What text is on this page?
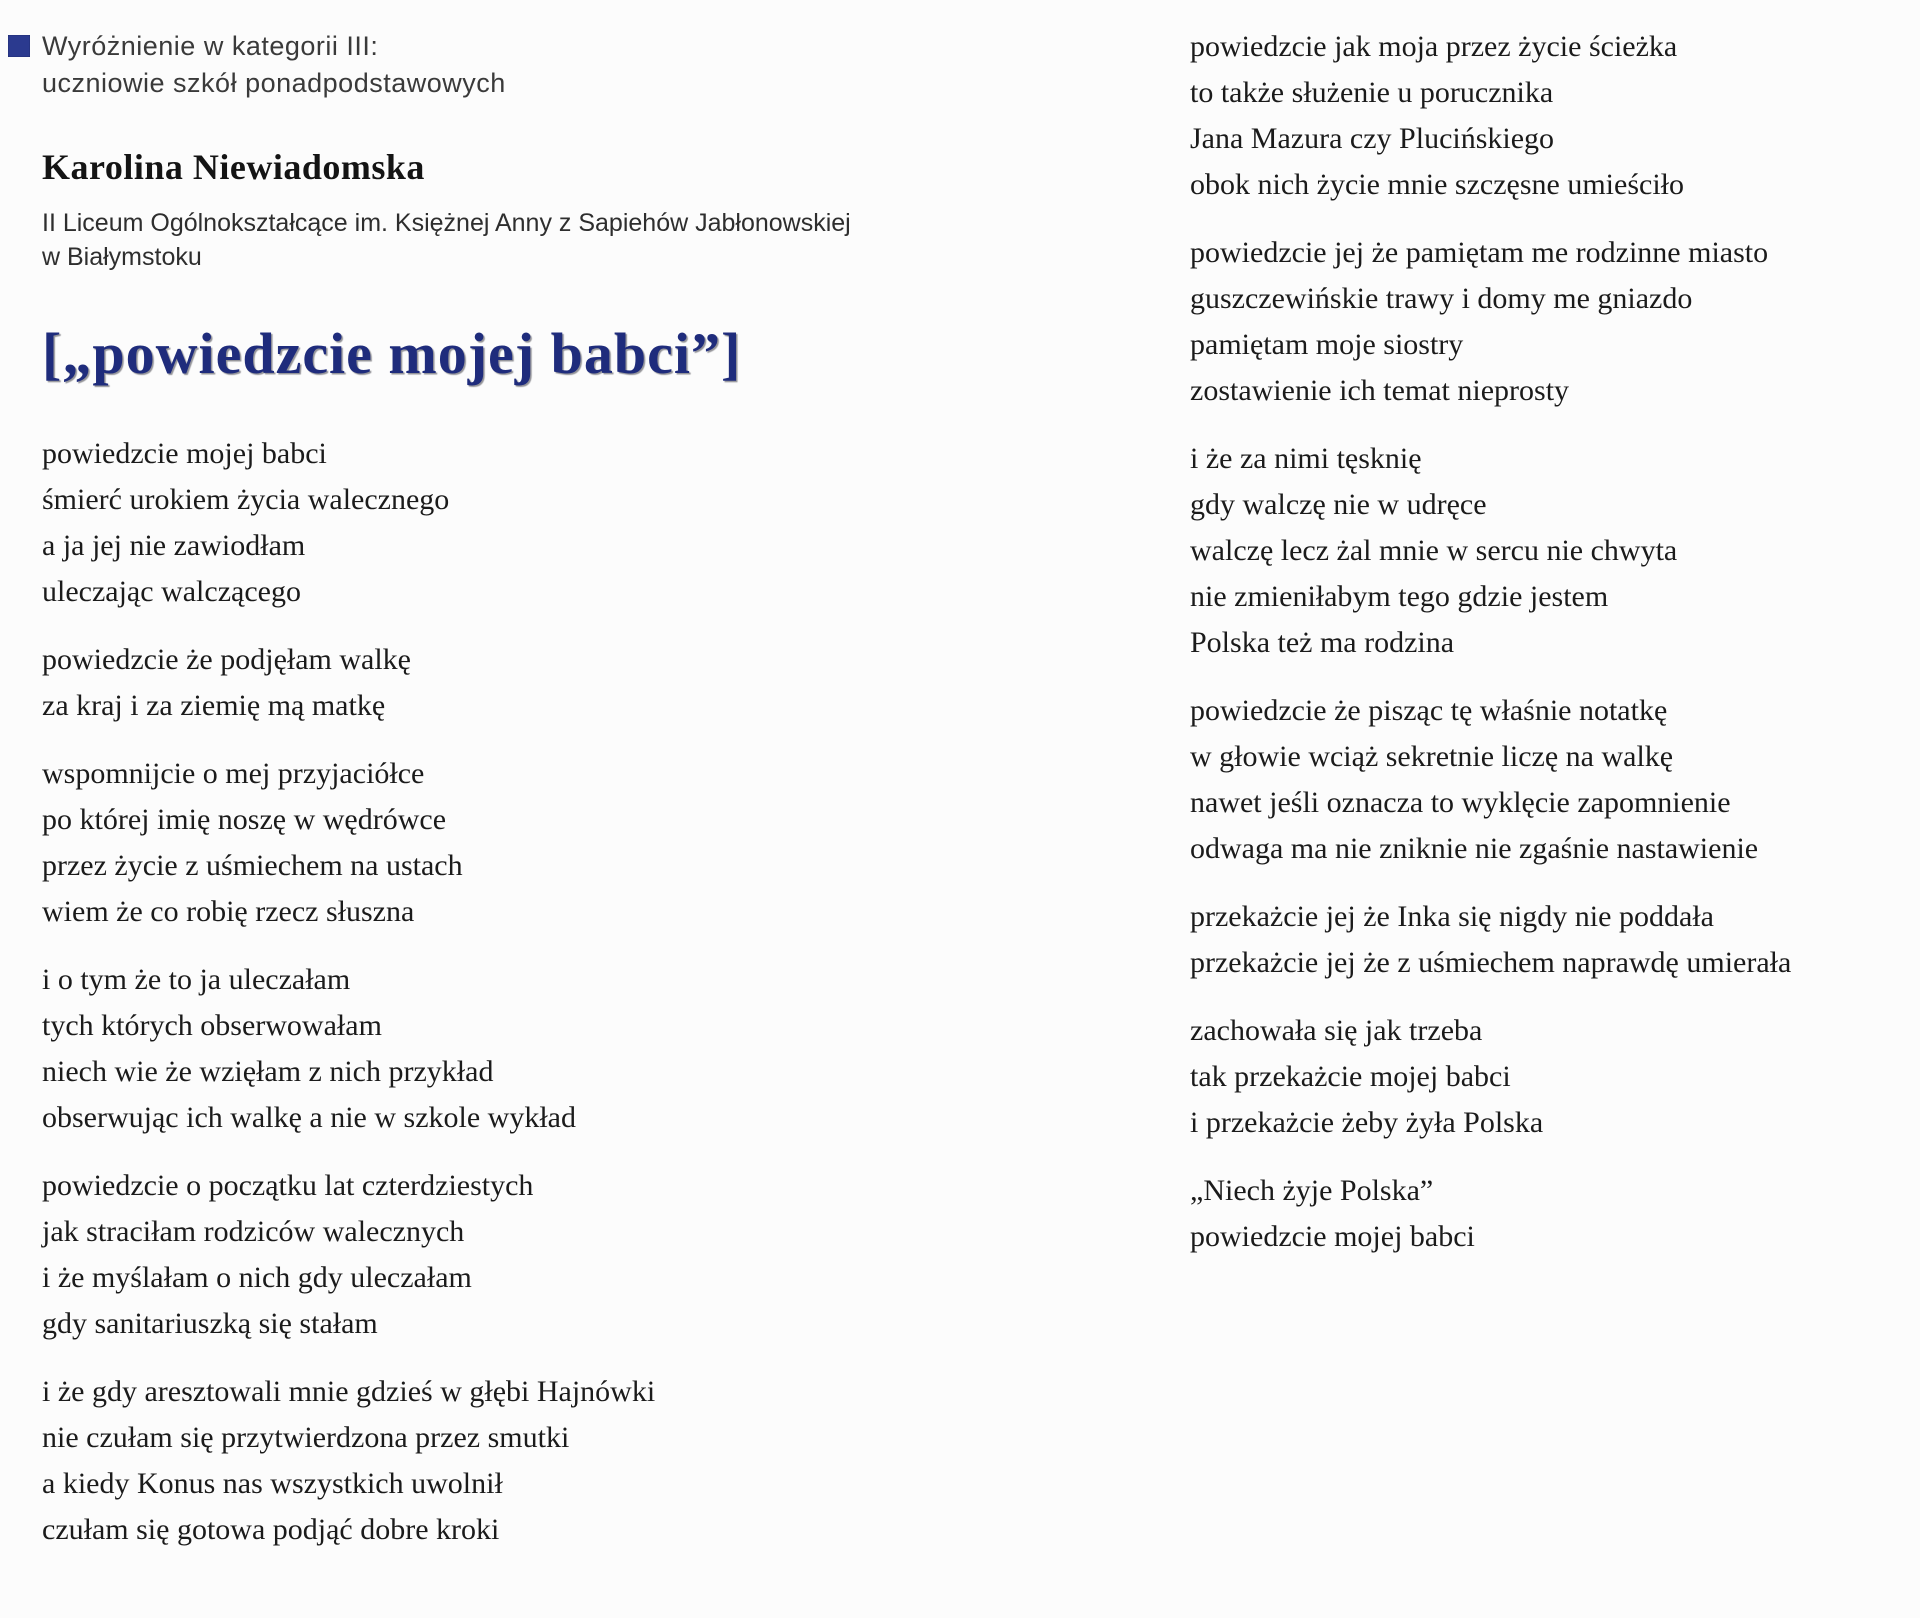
Wyróżnienie w kategorii III:
uczniowie szkół ponadpodstawowych
Karolina Niewiadomska
II Liceum Ogólnokształcące im. Księżnej Anny z Sapiehów Jabłonowskiej
w Białymstoku
[„powiedzcie mojej babci”]
powiedzcie mojej babci
śmierć urokiem życia walecznego
a ja jej nie zawiodłam
uleczając walczącego
powiedzcie że podjęłam walkę
za kraj i za ziemię mą matkę
wspomnijcie o mej przyjaciółce
po której imię noszę w wędrówce
przez życie z uśmiechem na ustach
wiem że co robię rzecz słuszna
i o tym że to ja uleczałam
tych których obserwowałam
niech wie że wzięłam z nich przykład
obserwując ich walkę a nie w szkole wykład
powiedzcie o początku lat czterdziestych
jak straciłam rodziców walecznych
i że myślałam o nich gdy uleczałam
gdy sanitariuszką się stałam
i że gdy aresztowali mnie gdzieś w głębi Hajnówki
nie czułam się przytwierdzona przez smutki
a kiedy Konus nas wszystkich uwolnił
czułam się gotowa podjąć dobre kroki
powiedzcie jak moja przez życie ścieżka
to także służenie u porucznika
Jana Mazura czy Plucińskiego
obok nich życie mnie szczęsne umieściło
powiedzcie jej że pamiętam me rodzinne miasto
guszczewińskie trawy i domy me gniazdo
pamiętam moje siostry
zostawienie ich temat nieprosty
i że za nimi tęsknię
gdy walczę nie w udręce
walczę lecz żal mnie w sercu nie chwyta
nie zmieniłabym tego gdzie jestem
Polska też ma rodzina
powiedzcie że pisząc tę właśnie notatkę
w głowie wciąż sekretnie liczę na walkę
nawet jeśli oznacza to wyklęcie zapomnienie
odwaga ma nie zniknie nie zgaśnie nastawienie
przekażcie jej że Inka się nigdy nie poddała
przekażcie jej że z uśmiechem naprawdę umierała
zachowała się jak trzeba
tak przekażcie mojej babci
i przekażcie żeby żyła Polska
„Niech żyje Polska”
powiedzcie mojej babci
